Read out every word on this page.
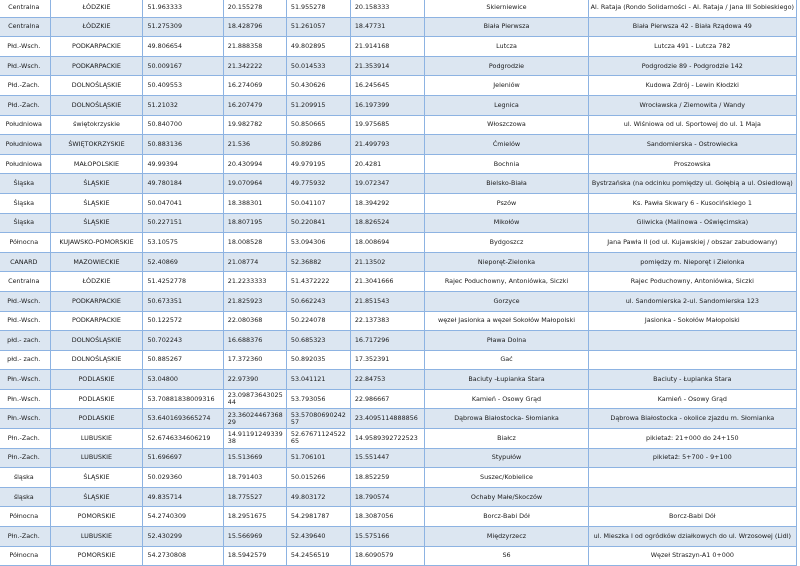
Centralna	ŁÓDZKIE	51.963333	20.155278	51.955278	20.158333	Skierniewice	Al. Rataja (Rondo Solidarności - Al. Rataja / Jana III Sobieskiego)
Centralna	ŁÓDZKIE	51.275309	18.428796	51.261057	18.47731	Biała Pierwsza	Biała Pierwsza 42 - Biała Rządowa 49
Płd.-Wsch.	PODKARPACKIE	49.806654	21.888358	49.802895	21.914168	Lutcza	Lutcza 491 - Lutcza 782
Płd.-Wsch.	PODKARPACKIE	50.009167	21.342222	50.014533	21.353914	Podgrodzie	Podgrodzie 89 - Podgrodzie 142
Płd.-Zach.	DOLNOŚLĄSKIE	50.409553	16.274069	50.430626	16.245645	Jeleniów	Kudowa Zdrój - Lewin Kłodzki
Płd.-Zach.	DOLNOŚLĄSKIE	51.21032	16.207479	51.209915	16.197399	Legnica	Wrocławska / Ziemowita / Wandy
Południowa	świętokrzyskie	50.840700	19.982782	50.850665	19.975685	Włoszczowa	ul. Wiśniowa od ul. Sportowej do ul. 1 Maja
Południowa	ŚWIĘTOKRZYSKIE	50.883136	21.536	50.89286	21.499793	Ćmielów	Sandomierska - Ostrowiecka
Południowa	MAŁOPOLSKIE	49.99394	20.430994	49.979195	20.4281	Bochnia	Proszowska
Śląska	ŚLĄSKIE	49.780184	19.070964	49.775932	19.072347	Bielsko-Biała	Bystrzańska (na odcinku pomiędzy ul. Gołębią a ul. Osiedlową)
Śląska	ŚLĄSKIE	50.047041	18.388301	50.041107	18.394292	Pszów	Ks. Pawła Skwary 6 - Kusocińskiego 1
Śląska	ŚLĄSKIE	50.227151	18.807195	50.220841	18.826524	Mikołów	Gliwicka (Malinowa - Oświęcimska)
Północna	KUJAWSKO-POMORSKIE	53.10575	18.008528	53.094306	18.008694	Bydgoszcz	Jana Pawła II (od ul. Kujawskiej / obszar zabudowany)
CANARD	MAZOWIECKIE	52.40869	21.08774	52.36882	21.13502	Nieporęt-Zielonka	pomiędzy m. Nieporęt i Zielonka
Centralna	ŁÓDZKIE	51.4252778	21.2233333	51.4372222	21.3041666	Rajec Poduchowny, Antoniówka, Siczki	Rajec Poduchowny, Antoniówka, Siczki
Płd.-Wsch.	PODKARPACKIE	50.673351	21.825923	50.662243	21.851543	Gorzyce	ul. Sandomierska 2-ul. Sandomierska 123
Płd.-Wsch.	PODKARPACKIE	50.122572	22.080368	50.224078	22.137383	węzeł Jasionka a węzeł Sokołów Małopolski	Jasionka - Sokołów Małopolski
płd.- zach.	DOLNOŚLĄSKIE	50.702243	16.688376	50.685323	16.717296	Pława Dolna	
płd.- zach.	DOLNOŚLĄSKIE	50.885267	17.372360	50.892035	17.352391	Gać	
Płn.-Wsch.	PODLASKIE	53.04800	22.97390	53.041121	22.84753	Baciuty -Łupianka Stara	Baciuty - Łupianka Stara
Płn.-Wsch.	PODLASKIE	53.70881838009316	23.0987364302544	53.793056	22.986667	Kamień - Osowy Grąd	Kamień - Osowy Grąd
Płn.-Wsch.	PODLASKIE	53.6401693665274	23.3602446736829	53.5708069024257	23.4095114888856	Dąbrowa Białostocka- Słomianka	Dąbrowa Białostocka - okolice zjazdu m. Słomianka
Płn.-Zach.	LUBUSKIE	52.6746334606219	14.9119124933938	52.6767112452265	14.9589392722523	Białcz	pikietaż: 21+000 do 24+150
Płn.-Zach.	LUBUSKIE	51.696697	15.513669	51.706101	15.551447	Stypułów	pikietaż: 5+700 - 9+100
śląska	ŚLĄSKIE	50.029360	18.791403	50.015266	18.852259	Suszec/Kobielice	
śląska	ŚLĄSKIE	49.835714	18.775527	49.803172	18.790574	Ochaby Małe/Skoczów	
Północna	POMORSKIE	54.2740309	18.2951675	54.2981787	18.3087056	Borcz-Babi Dół	Borcz-Babi Dół
Płn.-Zach.	LUBUSKIE	52.430299	15.566969	52.439640	15.575166	Międzyrzecz	ul. Mieszka I od ogródków działkowych do ul. Wrzosowej (Lidl)
Północna	POMORSKIE	54.2730808	18.5942579	54.2456519	18.6090579	S6	Węzeł Straszyn-A1 0+000
